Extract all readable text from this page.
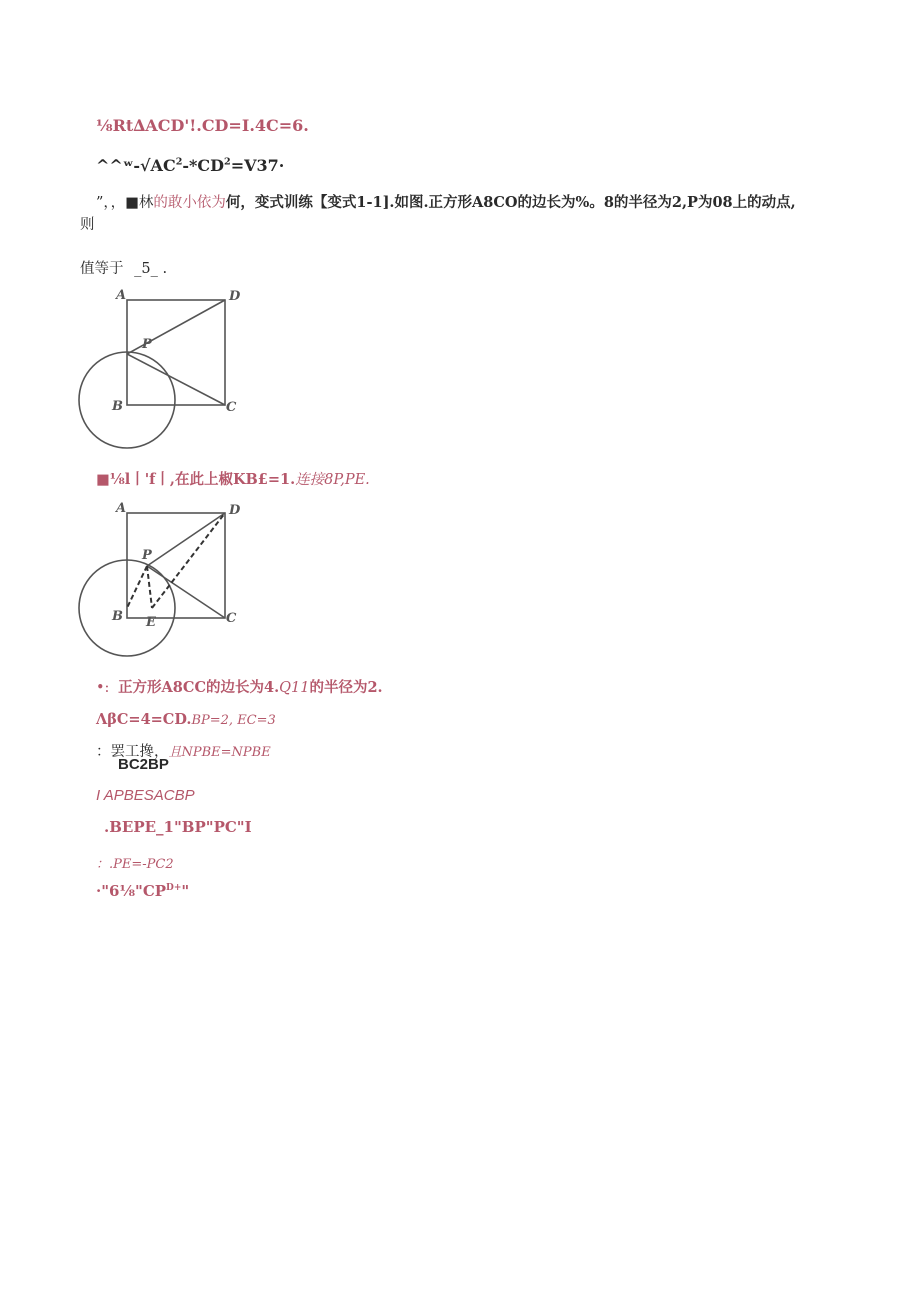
⅛Rt∆ACD'!.CD=I.4C=6.
$\^{}\^{}ʷ-√AC^2-*CD^2=V37\cdot$
”，，■林的敢小依为何，变式训练【变式1-1].如图.正方形A8CO的边长为%。8的半径为2,P为08上的动点,
则
值等于 _5_ .
A	D
P
B	C
■⅛l丨'f丨,在此上椒KB£=1.连接8P,PE.
A	D
P
B E	C
•: 正方形A8CC的边长为4.Q11的半径为2.
ΛβC=4=CD.BP=2, EC=3
：罢工搀，且NPBE=NPBE
BC2BP
I APBESACBP
.BEPE_1"BP"PC"I
：.PE=-PC2
$\cdot"6\frac{1}{8}"CP^{D+}$"
